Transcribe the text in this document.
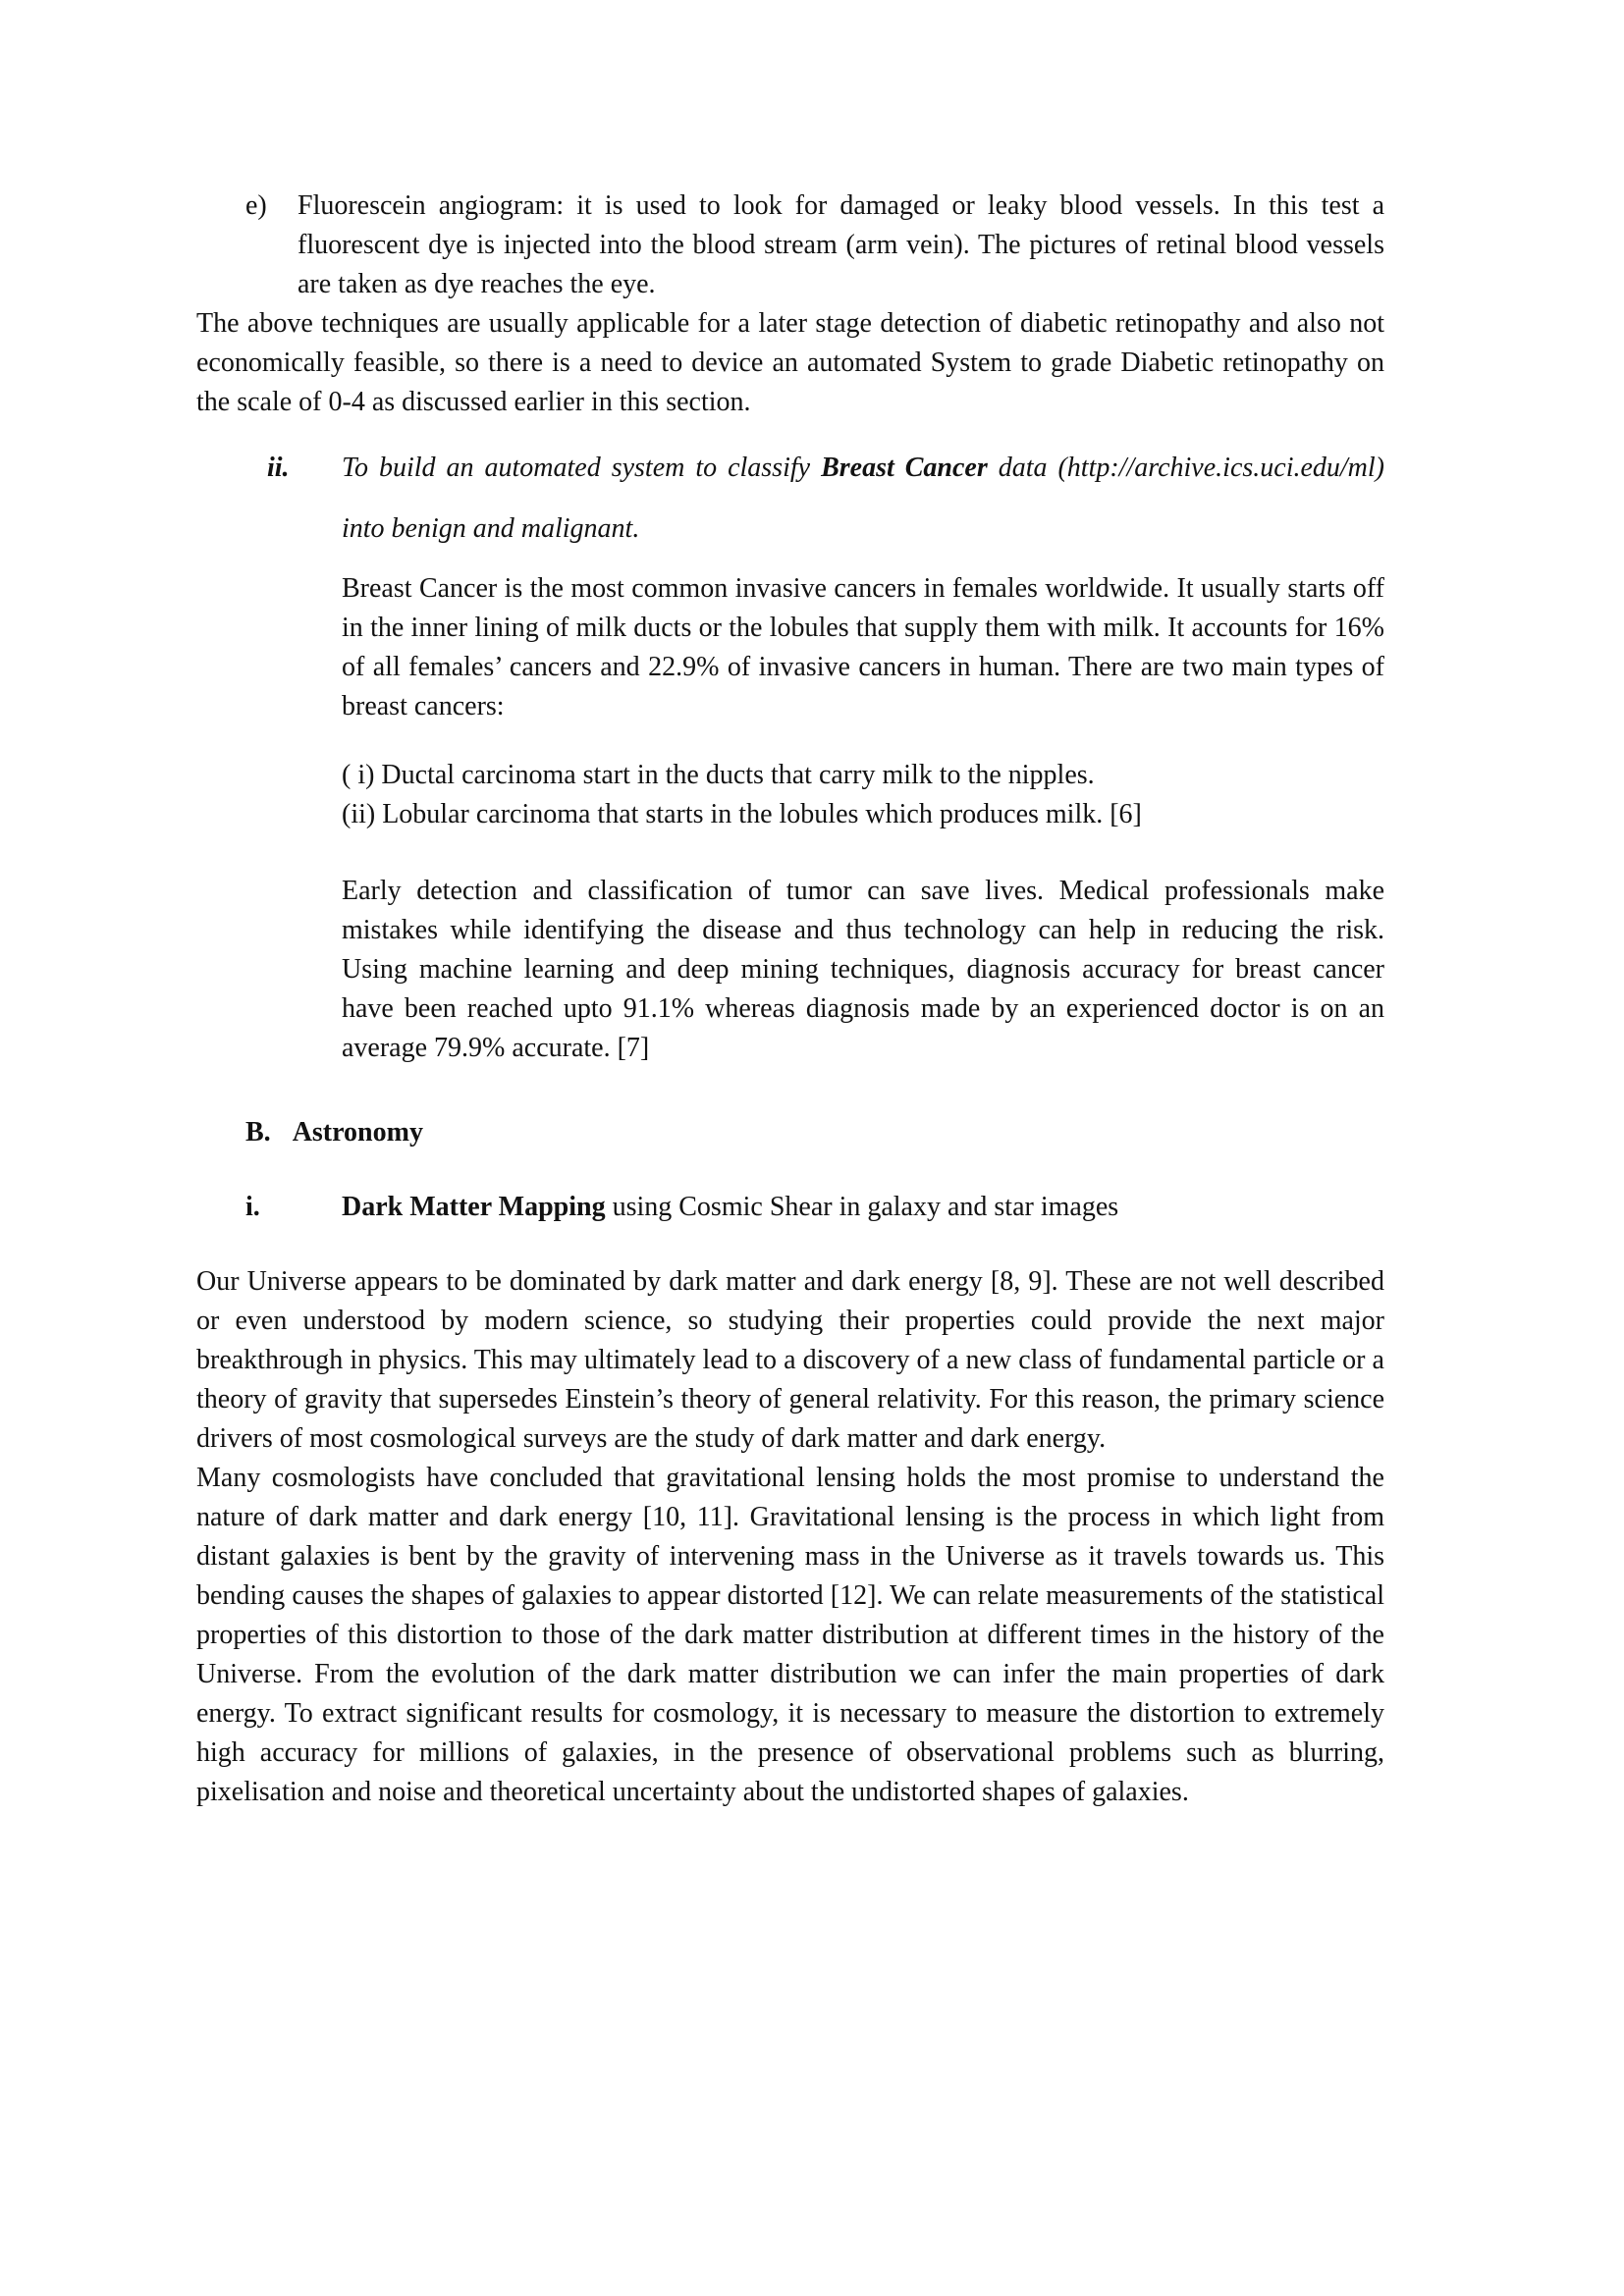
e) Fluorescein angiogram: it is used to look for damaged or leaky blood vessels. In this test a fluorescent dye is injected into the blood stream (arm vein). The pictures of retinal blood vessels are taken as dye reaches the eye.

The above techniques are usually applicable for a later stage detection of diabetic retinopathy and also not economically feasible, so there is a need to device an automated System to grade Diabetic retinopathy on the scale of 0-4 as discussed earlier in this section.

ii. To build an automated system to classify Breast Cancer data (http://archive.ics.uci.edu/ml) into benign and malignant.

Breast Cancer is the most common invasive cancers in females worldwide. It usually starts off in the inner lining of milk ducts or the lobules that supply them with milk. It accounts for 16% of all females’ cancers and 22.9% of invasive cancers in human. There are two main types of breast cancers:

( i) Ductal carcinoma start in the ducts that carry milk to the nipples.
(ii) Lobular carcinoma that starts in the lobules which produces milk. [6]

Early detection and classification of tumor can save lives. Medical professionals make mistakes while identifying the disease and thus technology can help in reducing the risk. Using machine learning and deep mining techniques, diagnosis accuracy for breast cancer have been reached upto 91.1% whereas diagnosis made by an experienced doctor is on an average 79.9% accurate. [7]

B. Astronomy
i.	Dark Matter Mapping using Cosmic Shear in galaxy and star images

Our Universe appears to be dominated by dark matter and dark energy [8, 9]. These are not well described or even understood by modern science, so studying their properties could provide the next major breakthrough in physics. This may ultimately lead to a discovery of a new class of fundamental particle or a theory of gravity that supersedes Einstein’s theory of general relativity. For this reason, the primary science drivers of most cosmological surveys are the study of dark matter and dark energy.

Many cosmologists have concluded that gravitational lensing holds the most promise to understand the nature of dark matter and dark energy [10, 11]. Gravitational lensing is the process in which light from distant galaxies is bent by the gravity of intervening mass in the Universe as it travels towards us. This bending causes the shapes of galaxies to appear distorted [12]. We can relate measurements of the statistical properties of this distortion to those of the dark matter distribution at different times in the history of the Universe. From the evolution of the dark matter distribution we can infer the main properties of dark energy. To extract significant results for cosmology, it is necessary to measure the distortion to extremely high accuracy for millions of galaxies, in the presence of observational problems such as blurring, pixelisation and noise and theoretical uncertainty about the undistorted shapes of galaxies.
